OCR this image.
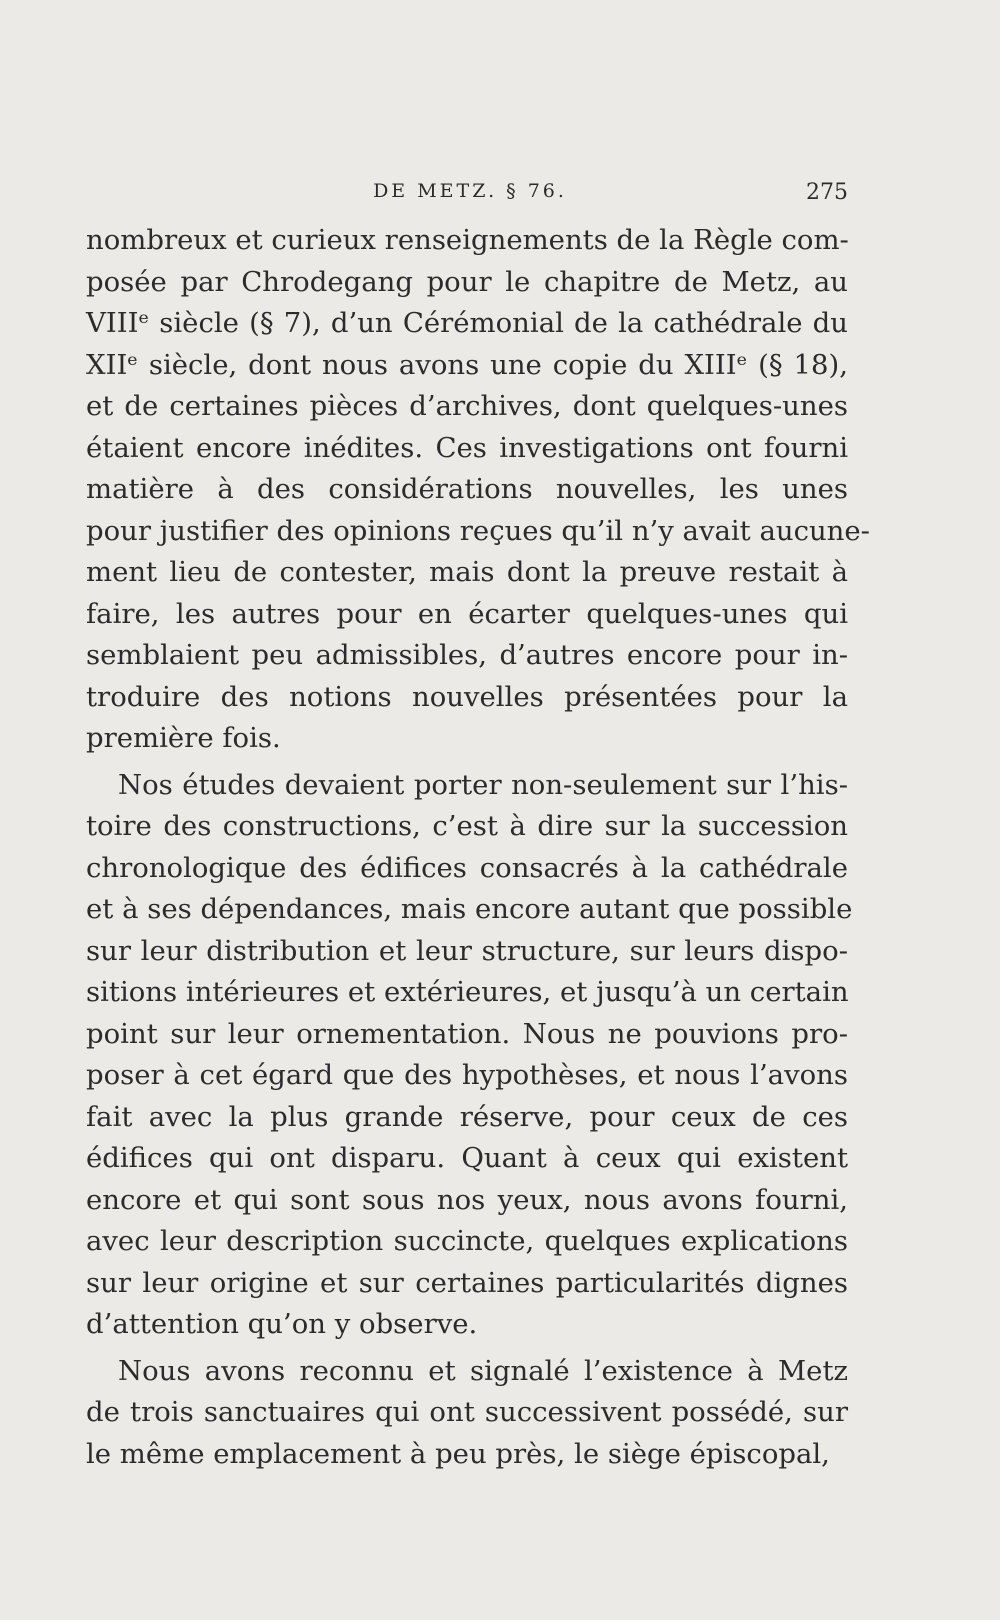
DE METZ. § 76.	275
nombreux et curieux renseignements de la Règle com-
posée par Chrodegang pour le chapitre de Metz, au
VIIIᵉ siècle (§ 7), d’un Cérémonial de la cathédrale du
XIIᵉ siècle, dont nous avons une copie du XIIIᵉ (§ 18),
et de certaines pièces d’archives, dont quelques-unes
étaient encore inédites. Ces investigations ont fourni
matière à des considérations nouvelles, les unes
pour justifier des opinions reçues qu’il n’y avait aucune-
ment lieu de contester, mais dont la preuve restait à
faire, les autres pour en écarter quelques-unes qui
semblaient peu admissibles, d’autres encore pour in-
troduire des notions nouvelles présentées pour la
première fois.
Nos études devaient porter non-seulement sur l’his-
toire des constructions, c’est à dire sur la succession
chronologique des édifices consacrés à la cathédrale
et à ses dépendances, mais encore autant que possible
sur leur distribution et leur structure, sur leurs dispo-
sitions intérieures et extérieures, et jusqu’à un certain
point sur leur ornementation. Nous ne pouvions pro-
poser à cet égard que des hypothèses, et nous l’avons
fait avec la plus grande réserve, pour ceux de ces
édifices qui ont disparu. Quant à ceux qui existent
encore et qui sont sous nos yeux, nous avons fourni,
avec leur description succincte, quelques explications
sur leur origine et sur certaines particularités dignes
d’attention qu’on y observe.
Nous avons reconnu et signalé l’existence à Metz
de trois sanctuaires qui ont successivent possédé, sur
le même emplacement à peu près, le siège épiscopal,
